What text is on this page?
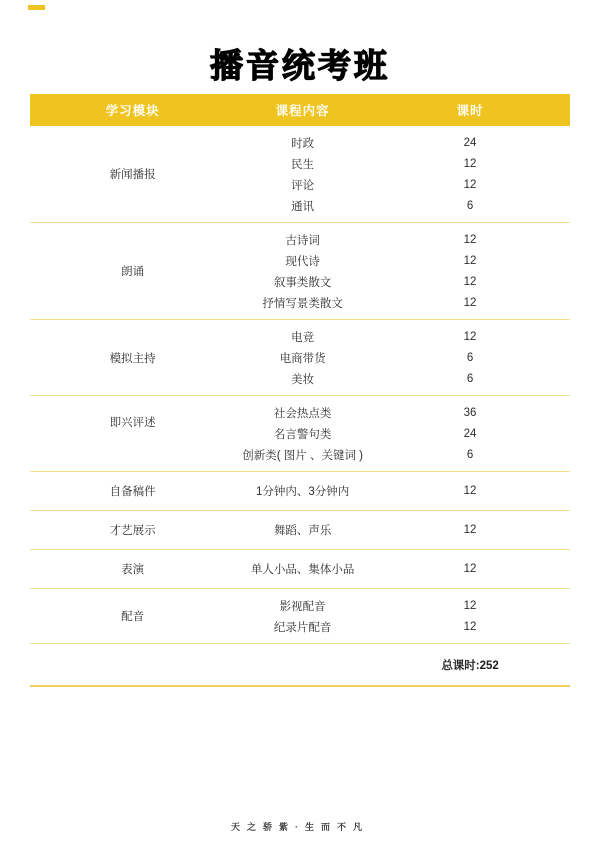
播音统考班
学习模块	课程内容	课时
新闻播报
时政	24
民生	12
评论	12
通讯	6
朗诵
古诗词	12
现代诗	12
叙事类散文	12
抒情写景类散文	12
模拟主持
电竞	12
电商带货	6
美妆	6
即兴评述
社会热点类	36
名言警句类	24
创新类( 图片 、关键词 )	6
自备稿件	1分钟内、3分钟内	12
才艺展示	舞蹈、声乐	12
表演	单人小品、集体小品	12
配音
影视配音	12
纪录片配音	12
总课时:252
天之骄紫·生而不凡
